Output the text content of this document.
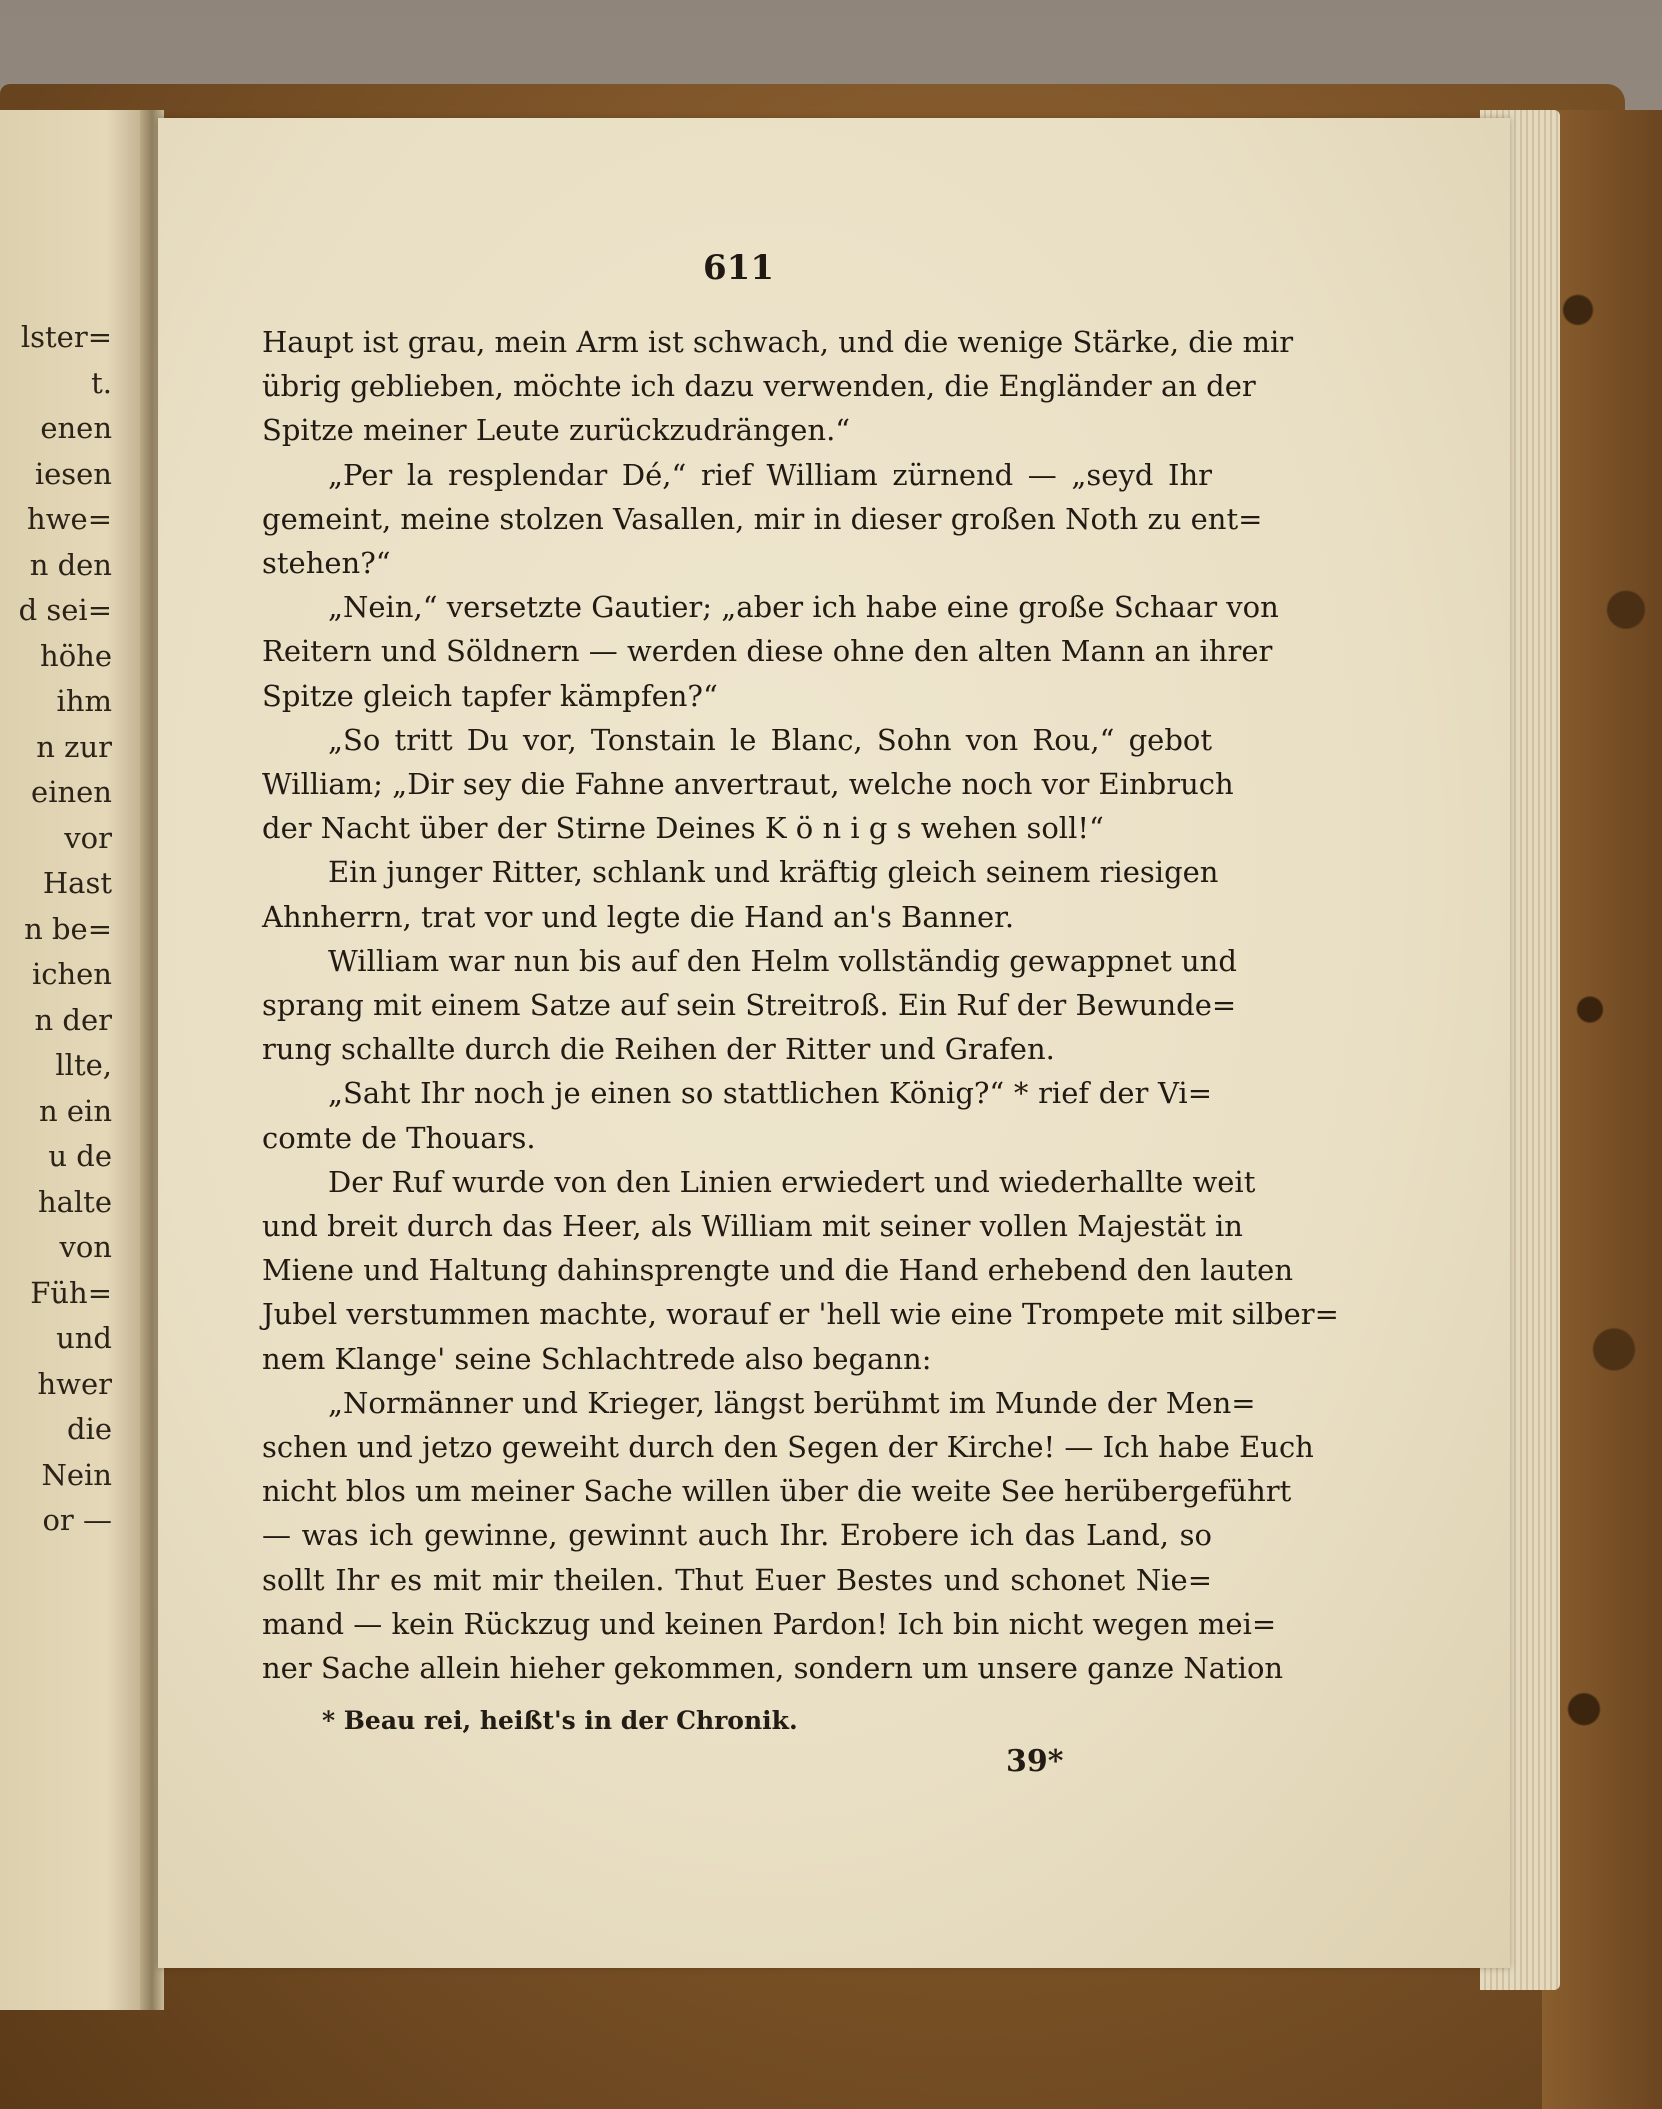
lster=
t.
enen
iesen
hwe=
n den
d sei=
höhe
ihm
n zur
einen
vor
Hast
n be=
ichen
n der
llte,
n ein
u de
halte
von
Füh=
und
hwer
die
Nein
or —
611
Haupt ist grau, mein Arm ist schwach, und die wenige Stärke, die mir
übrig geblieben, möchte ich dazu verwenden, die Engländer an der
Spitze meiner Leute zurückzudrängen.“
„Per la resplendar Dé,“ rief William zürnend — „seyd Ihr
gemeint, meine stolzen Vasallen, mir in dieser großen Noth zu ent=
stehen?“
„Nein,“ versetzte Gautier; „aber ich habe eine große Schaar von
Reitern und Söldnern — werden diese ohne den alten Mann an ihrer
Spitze gleich tapfer kämpfen?“
„So tritt Du vor, Tonstain le Blanc, Sohn von Rou,“ gebot
William; „Dir sey die Fahne anvertraut, welche noch vor Einbruch
der Nacht über der Stirne Deines K ö n i g s wehen soll!“
Ein junger Ritter, schlank und kräftig gleich seinem riesigen
Ahnherrn, trat vor und legte die Hand an's Banner.
William war nun bis auf den Helm vollständig gewappnet und
sprang mit einem Satze auf sein Streitroß. Ein Ruf der Bewunde=
rung schallte durch die Reihen der Ritter und Grafen.
„Saht Ihr noch je einen so stattlichen König?“ * rief der Vi=
comte de Thouars.
Der Ruf wurde von den Linien erwiedert und wiederhallte weit
und breit durch das Heer, als William mit seiner vollen Majestät in
Miene und Haltung dahinsprengte und die Hand erhebend den lauten
Jubel verstummen machte, worauf er 'hell wie eine Trompete mit silber=
nem Klange' seine Schlachtrede also begann:
„Normänner und Krieger, längst berühmt im Munde der Men=
schen und jetzo geweiht durch den Segen der Kirche! — Ich habe Euch
nicht blos um meiner Sache willen über die weite See herübergeführt
— was ich gewinne, gewinnt auch Ihr. Erobere ich das Land, so
sollt Ihr es mit mir theilen. Thut Euer Bestes und schonet Nie=
mand — kein Rückzug und keinen Pardon! Ich bin nicht wegen mei=
ner Sache allein hieher gekommen, sondern um unsere ganze Nation
* Beau rei, heißt's in der Chronik.
39*
